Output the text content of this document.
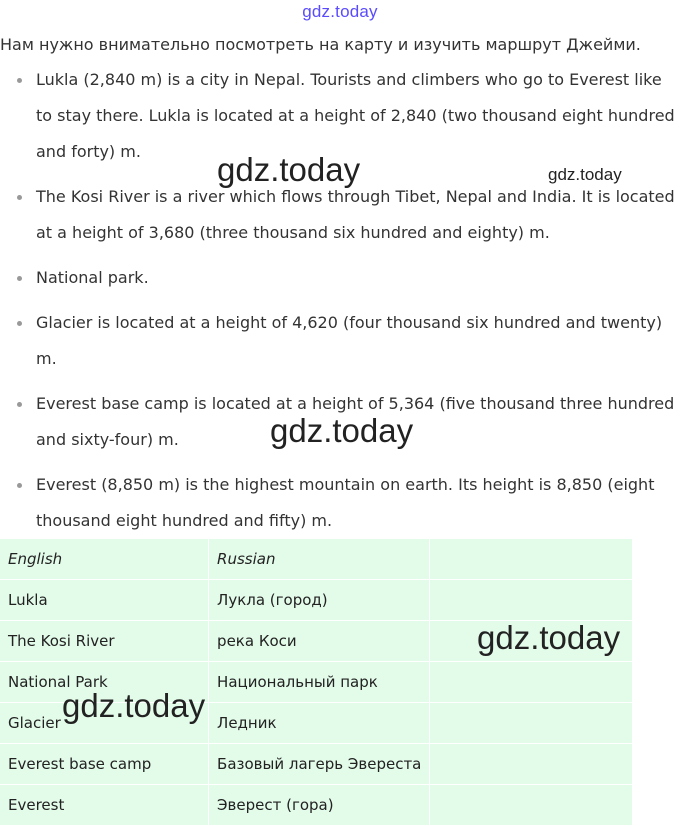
gdz.today
Нам нужно внимательно посмотреть на карту и изучить маршрут Джейми.
Lukla (2,840 m) is a city in Nepal. Tourists and climbers who go to Everest like to stay there. Lukla is located at a height of 2,840 (two thousand eight hundred and forty) m.
The Kosi River is a river which flows through Tibet, Nepal and India. It is located at a height of 3,680 (three thousand six hundred and eighty) m.
National park.
Glacier is located at a height of 4,620 (four thousand six hundred and twenty) m.
Everest base camp is located at a height of 5,364 (five thousand three hundred and sixty-four) m.
Everest (8,850 m) is the highest mountain on earth. Its height is 8,850 (eight thousand eight hundred and fifty) m.
English	Russian	
Lukla	Лукла (город)	
The Kosi River	река Коси	
National Park	Национальный парк	
Glacier	Ледник	
Everest base camp	Базовый лагерь Эвереста	
Everest	Эверест (гора)	
gdz.today	gdz.today
gdz.today
gdz.today
gdz.today
